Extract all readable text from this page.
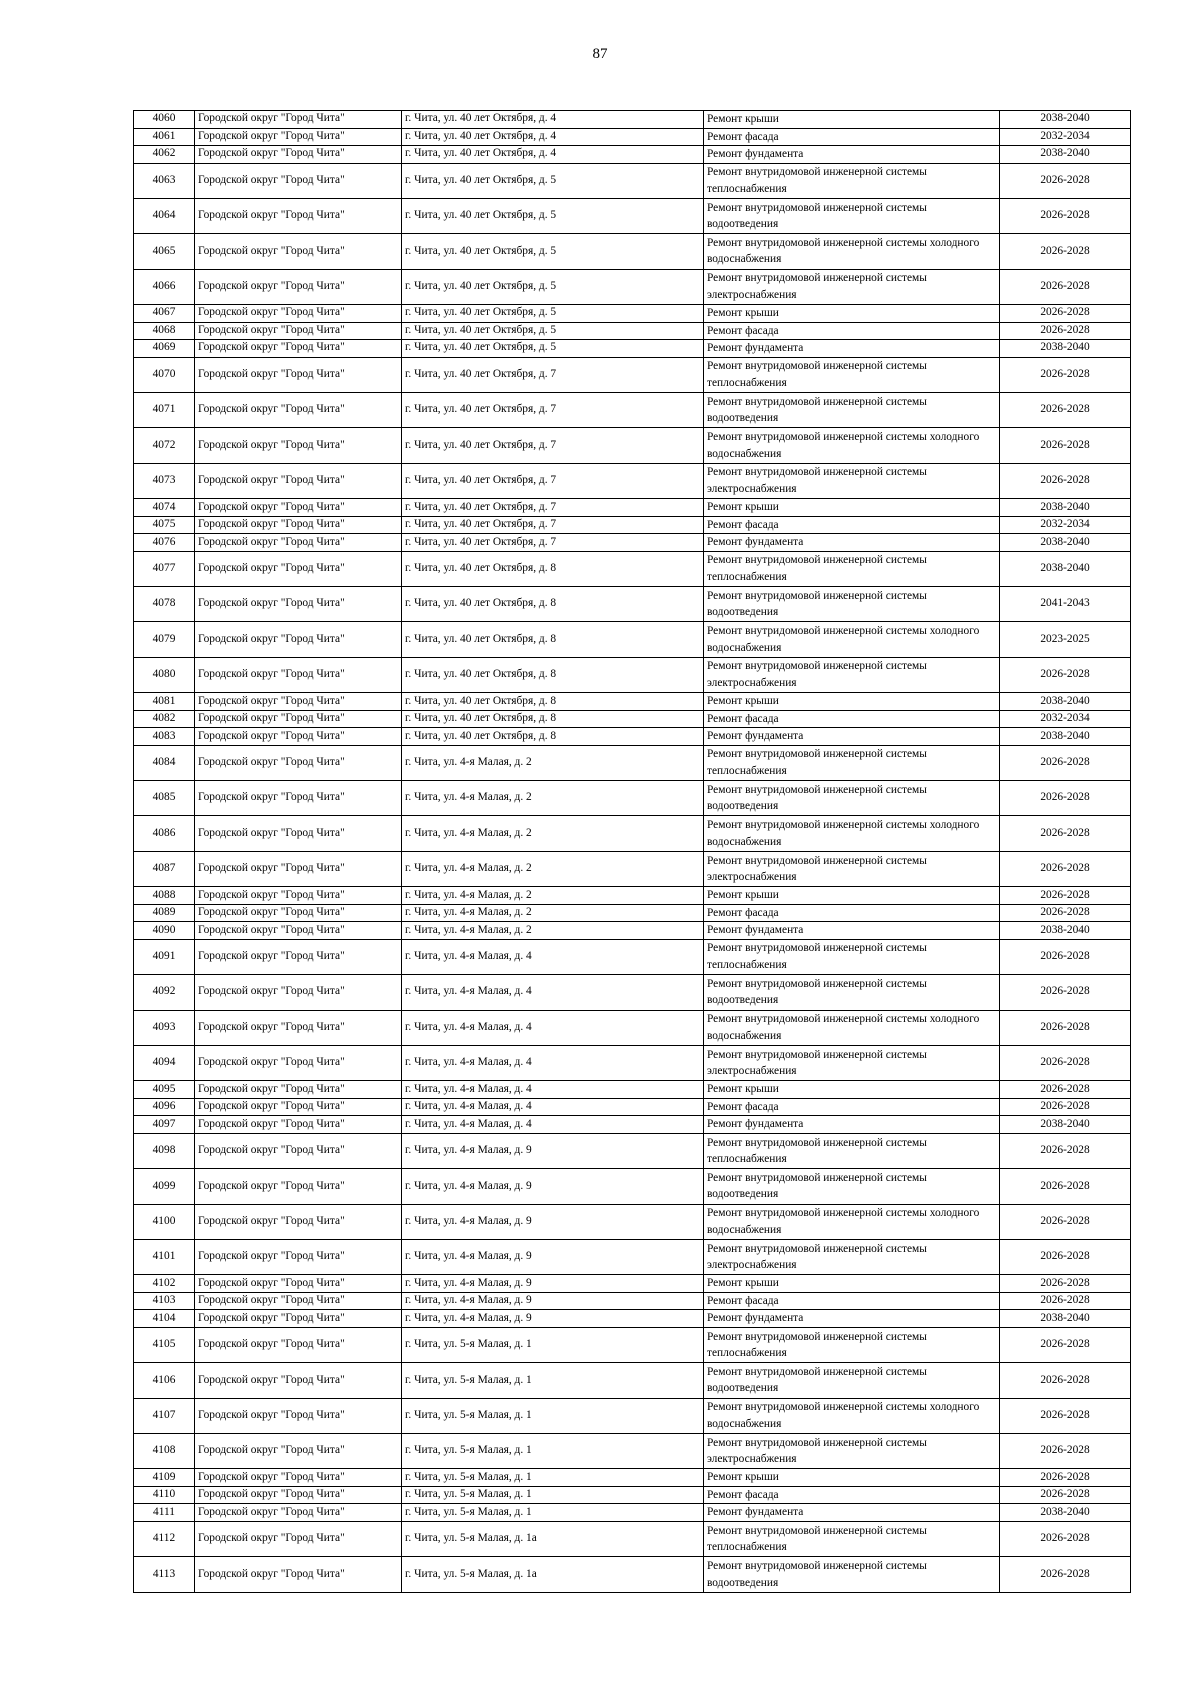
87
4060	Городской округ "Город Чита"	г. Чита, ул. 40 лет Октября, д. 4	Ремонт крыши	2038-2040
4061	Городской округ "Город Чита"	г. Чита, ул. 40 лет Октября, д. 4	Ремонт фасада	2032-2034
4062	Городской округ "Город Чита"	г. Чита, ул. 40 лет Октября, д. 4	Ремонт фундамента	2038-2040
4063	Городской округ "Город Чита"	г. Чита, ул. 40 лет Октября, д. 5	Ремонт внутридомовой инженерной системы теплоснабжения	2026-2028
4064	Городской округ "Город Чита"	г. Чита, ул. 40 лет Октября, д. 5	Ремонт внутридомовой инженерной системы водоотведения	2026-2028
4065	Городской округ "Город Чита"	г. Чита, ул. 40 лет Октября, д. 5	Ремонт внутридомовой инженерной системы холодного водоснабжения	2026-2028
4066	Городской округ "Город Чита"	г. Чита, ул. 40 лет Октября, д. 5	Ремонт внутридомовой инженерной системы электроснабжения	2026-2028
4067	Городской округ "Город Чита"	г. Чита, ул. 40 лет Октября, д. 5	Ремонт крыши	2026-2028
4068	Городской округ "Город Чита"	г. Чита, ул. 40 лет Октября, д. 5	Ремонт фасада	2026-2028
4069	Городской округ "Город Чита"	г. Чита, ул. 40 лет Октября, д. 5	Ремонт фундамента	2038-2040
4070	Городской округ "Город Чита"	г. Чита, ул. 40 лет Октября, д. 7	Ремонт внутридомовой инженерной системы теплоснабжения	2026-2028
4071	Городской округ "Город Чита"	г. Чита, ул. 40 лет Октября, д. 7	Ремонт внутридомовой инженерной системы водоотведения	2026-2028
4072	Городской округ "Город Чита"	г. Чита, ул. 40 лет Октября, д. 7	Ремонт внутридомовой инженерной системы холодного водоснабжения	2026-2028
4073	Городской округ "Город Чита"	г. Чита, ул. 40 лет Октября, д. 7	Ремонт внутридомовой инженерной системы электроснабжения	2026-2028
4074	Городской округ "Город Чита"	г. Чита, ул. 40 лет Октября, д. 7	Ремонт крыши	2038-2040
4075	Городской округ "Город Чита"	г. Чита, ул. 40 лет Октября, д. 7	Ремонт фасада	2032-2034
4076	Городской округ "Город Чита"	г. Чита, ул. 40 лет Октября, д. 7	Ремонт фундамента	2038-2040
4077	Городской округ "Город Чита"	г. Чита, ул. 40 лет Октября, д. 8	Ремонт внутридомовой инженерной системы теплоснабжения	2038-2040
4078	Городской округ "Город Чита"	г. Чита, ул. 40 лет Октября, д. 8	Ремонт внутридомовой инженерной системы водоотведения	2041-2043
4079	Городской округ "Город Чита"	г. Чита, ул. 40 лет Октября, д. 8	Ремонт внутридомовой инженерной системы холодного водоснабжения	2023-2025
4080	Городской округ "Город Чита"	г. Чита, ул. 40 лет Октября, д. 8	Ремонт внутридомовой инженерной системы электроснабжения	2026-2028
4081	Городской округ "Город Чита"	г. Чита, ул. 40 лет Октября, д. 8	Ремонт крыши	2038-2040
4082	Городской округ "Город Чита"	г. Чита, ул. 40 лет Октября, д. 8	Ремонт фасада	2032-2034
4083	Городской округ "Город Чита"	г. Чита, ул. 40 лет Октября, д. 8	Ремонт фундамента	2038-2040
4084	Городской округ "Город Чита"	г. Чита, ул. 4-я Малая, д. 2	Ремонт внутридомовой инженерной системы теплоснабжения	2026-2028
4085	Городской округ "Город Чита"	г. Чита, ул. 4-я Малая, д. 2	Ремонт внутридомовой инженерной системы водоотведения	2026-2028
4086	Городской округ "Город Чита"	г. Чита, ул. 4-я Малая, д. 2	Ремонт внутридомовой инженерной системы холодного водоснабжения	2026-2028
4087	Городской округ "Город Чита"	г. Чита, ул. 4-я Малая, д. 2	Ремонт внутридомовой инженерной системы электроснабжения	2026-2028
4088	Городской округ "Город Чита"	г. Чита, ул. 4-я Малая, д. 2	Ремонт крыши	2026-2028
4089	Городской округ "Город Чита"	г. Чита, ул. 4-я Малая, д. 2	Ремонт фасада	2026-2028
4090	Городской округ "Город Чита"	г. Чита, ул. 4-я Малая, д. 2	Ремонт фундамента	2038-2040
4091	Городской округ "Город Чита"	г. Чита, ул. 4-я Малая, д. 4	Ремонт внутридомовой инженерной системы теплоснабжения	2026-2028
4092	Городской округ "Город Чита"	г. Чита, ул. 4-я Малая, д. 4	Ремонт внутридомовой инженерной системы водоотведения	2026-2028
4093	Городской округ "Город Чита"	г. Чита, ул. 4-я Малая, д. 4	Ремонт внутридомовой инженерной системы холодного водоснабжения	2026-2028
4094	Городской округ "Город Чита"	г. Чита, ул. 4-я Малая, д. 4	Ремонт внутридомовой инженерной системы электроснабжения	2026-2028
4095	Городской округ "Город Чита"	г. Чита, ул. 4-я Малая, д. 4	Ремонт крыши	2026-2028
4096	Городской округ "Город Чита"	г. Чита, ул. 4-я Малая, д. 4	Ремонт фасада	2026-2028
4097	Городской округ "Город Чита"	г. Чита, ул. 4-я Малая, д. 4	Ремонт фундамента	2038-2040
4098	Городской округ "Город Чита"	г. Чита, ул. 4-я Малая, д. 9	Ремонт внутридомовой инженерной системы теплоснабжения	2026-2028
4099	Городской округ "Город Чита"	г. Чита, ул. 4-я Малая, д. 9	Ремонт внутридомовой инженерной системы водоотведения	2026-2028
4100	Городской округ "Город Чита"	г. Чита, ул. 4-я Малая, д. 9	Ремонт внутридомовой инженерной системы холодного водоснабжения	2026-2028
4101	Городской округ "Город Чита"	г. Чита, ул. 4-я Малая, д. 9	Ремонт внутридомовой инженерной системы электроснабжения	2026-2028
4102	Городской округ "Город Чита"	г. Чита, ул. 4-я Малая, д. 9	Ремонт крыши	2026-2028
4103	Городской округ "Город Чита"	г. Чита, ул. 4-я Малая, д. 9	Ремонт фасада	2026-2028
4104	Городской округ "Город Чита"	г. Чита, ул. 4-я Малая, д. 9	Ремонт фундамента	2038-2040
4105	Городской округ "Город Чита"	г. Чита, ул. 5-я Малая, д. 1	Ремонт внутридомовой инженерной системы теплоснабжения	2026-2028
4106	Городской округ "Город Чита"	г. Чита, ул. 5-я Малая, д. 1	Ремонт внутридомовой инженерной системы водоотведения	2026-2028
4107	Городской округ "Город Чита"	г. Чита, ул. 5-я Малая, д. 1	Ремонт внутридомовой инженерной системы холодного водоснабжения	2026-2028
4108	Городской округ "Город Чита"	г. Чита, ул. 5-я Малая, д. 1	Ремонт внутридомовой инженерной системы электроснабжения	2026-2028
4109	Городской округ "Город Чита"	г. Чита, ул. 5-я Малая, д. 1	Ремонт крыши	2026-2028
4110	Городской округ "Город Чита"	г. Чита, ул. 5-я Малая, д. 1	Ремонт фасада	2026-2028
4111	Городской округ "Город Чита"	г. Чита, ул. 5-я Малая, д. 1	Ремонт фундамента	2038-2040
4112	Городской округ "Город Чита"	г. Чита, ул. 5-я Малая, д. 1а	Ремонт внутридомовой инженерной системы теплоснабжения	2026-2028
4113	Городской округ "Город Чита"	г. Чита, ул. 5-я Малая, д. 1а	Ремонт внутридомовой инженерной системы водоотведения	2026-2028
